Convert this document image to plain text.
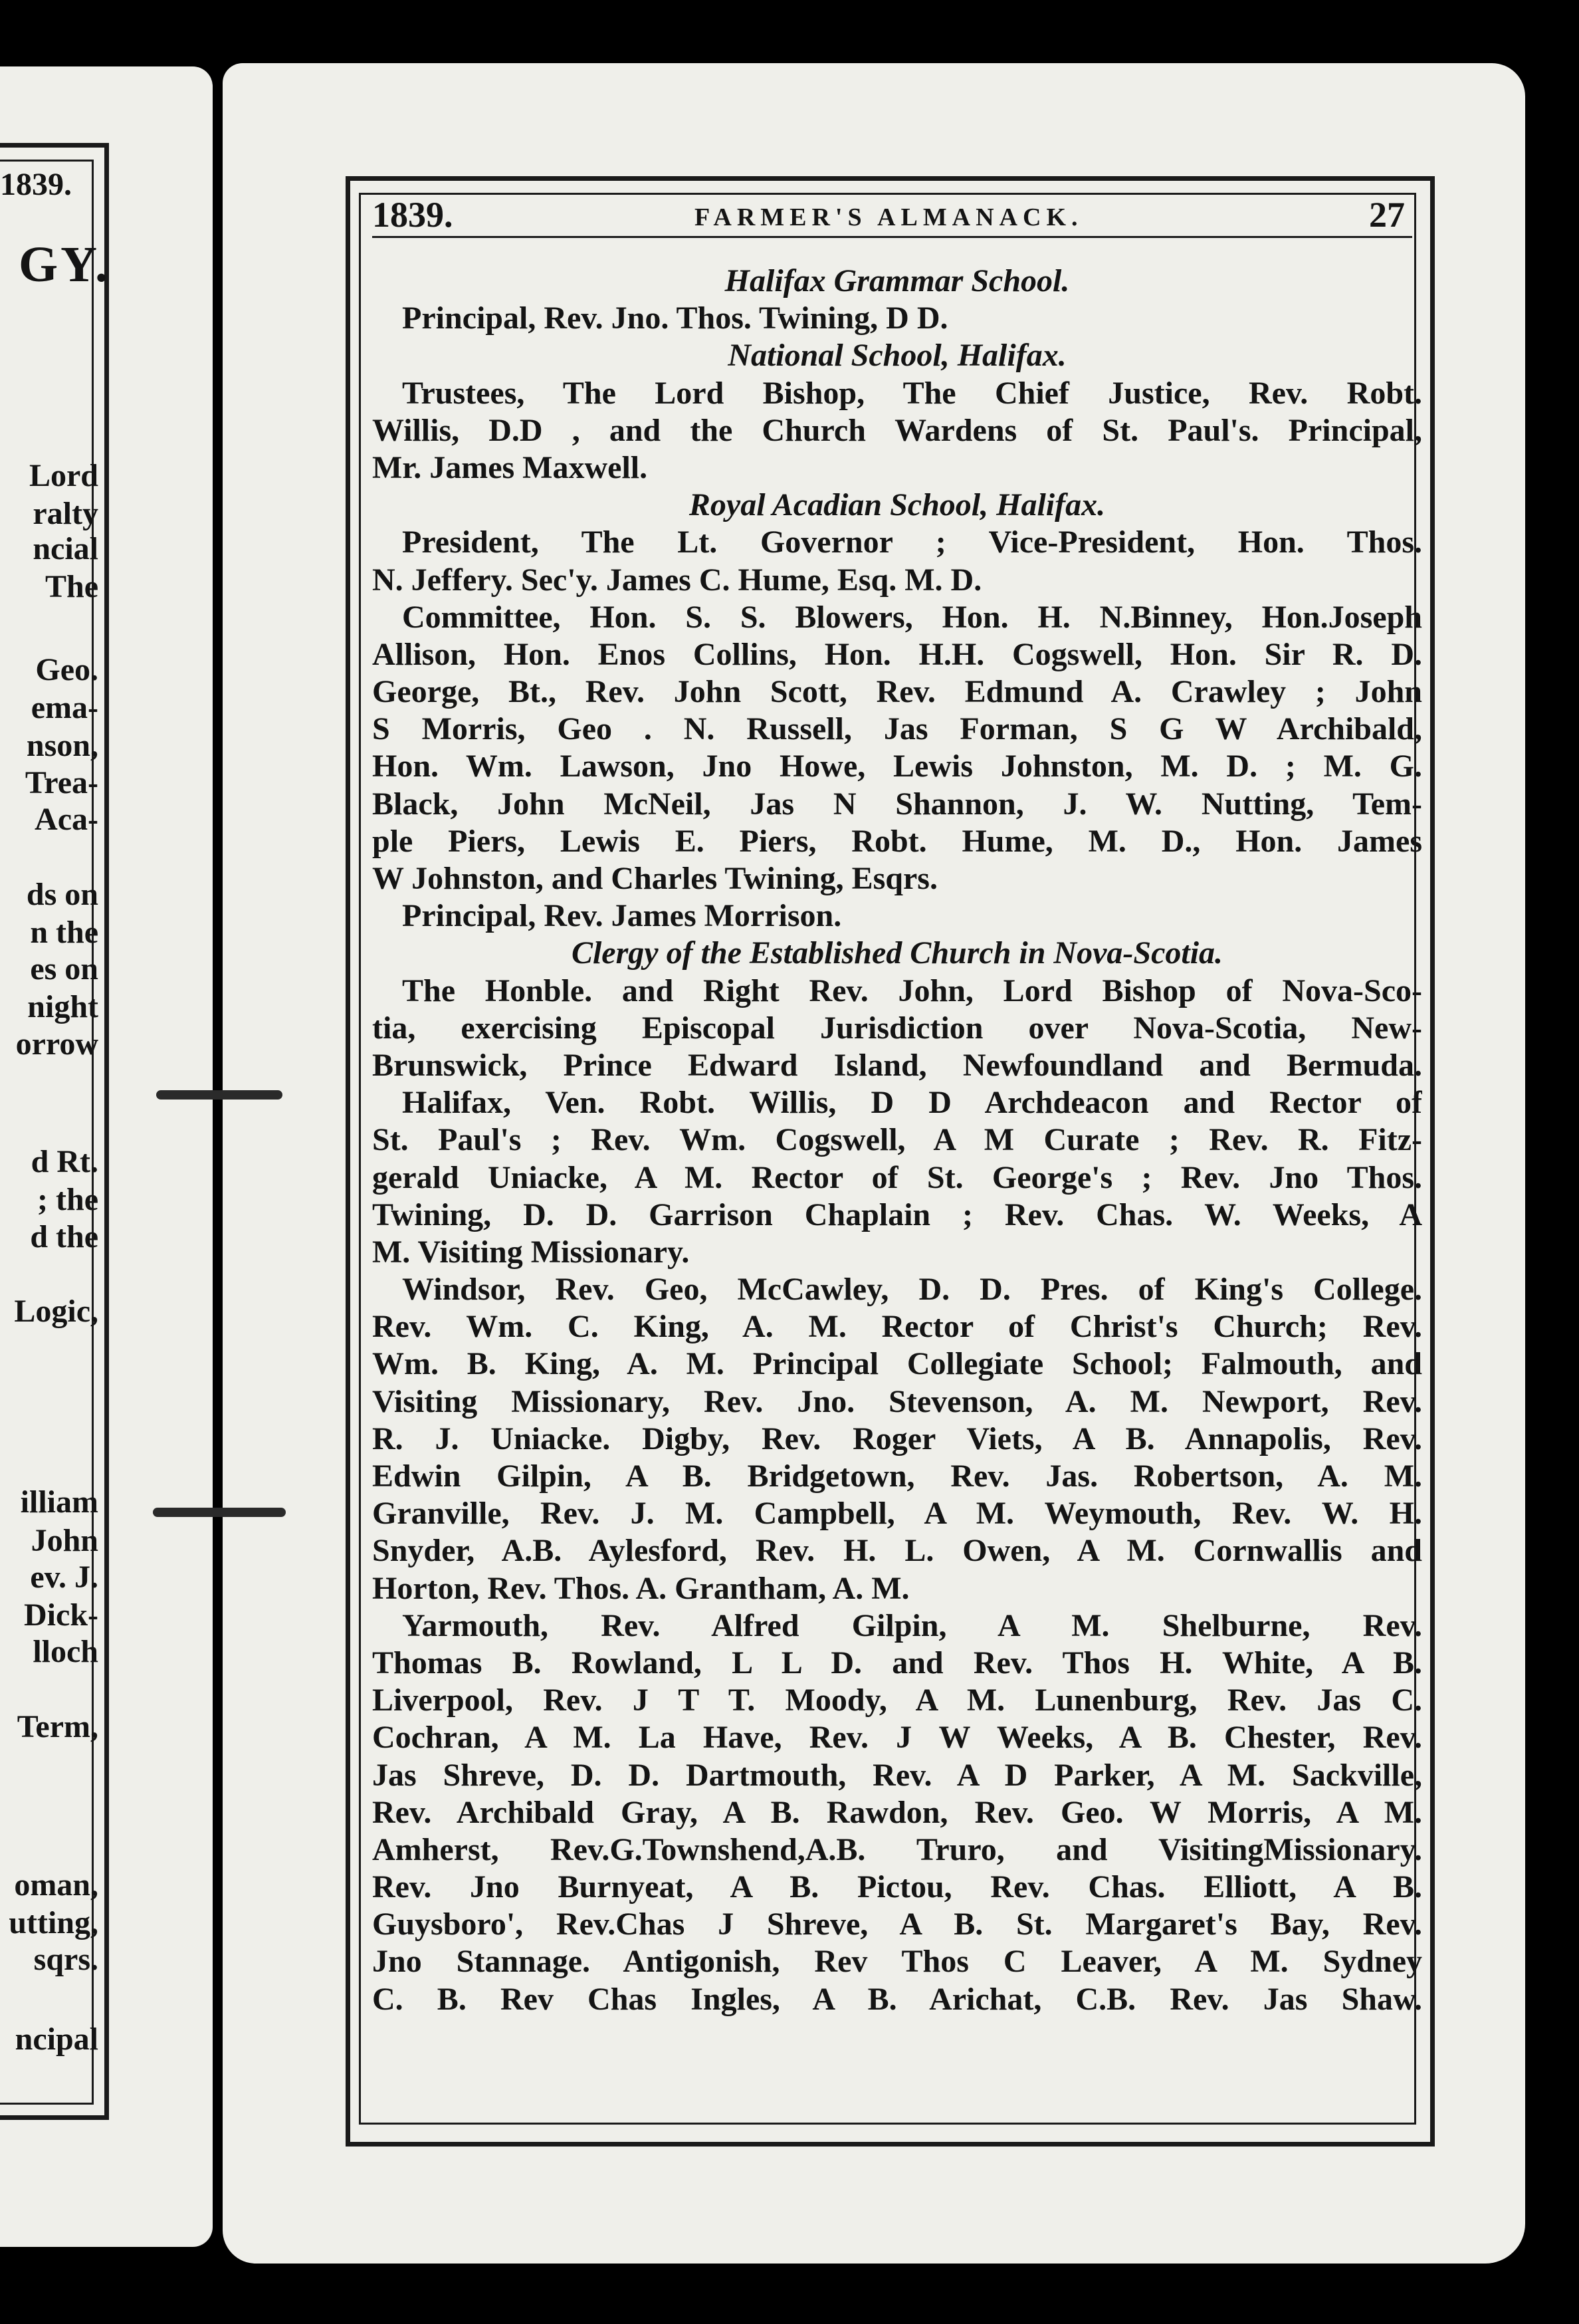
1839.
GY.
Lord
ralty
ncial
The
Geo.
ema-
nson,
Trea-
Aca-
ds on
n the
es on
night
orrow
d Rt.
; the
d the
Logic,
illiam
John
ev. J.
Dick-
lloch
Term,
oman,
utting,
sqrs.
ncipal
1839.	FARMER'S ALMANACK.	27
Halifax Grammar School.
Principal, Rev. Jno. Thos. Twining, D D.
National School, Halifax.
Trustees, The Lord Bishop, The Chief Justice, Rev. Robt.
Willis, D.D , and the Church Wardens of St. Paul's. Principal,
Mr. James Maxwell.
Royal Acadian School, Halifax.
President, The Lt. Governor ; Vice-President, Hon. Thos.
N. Jeffery. Sec'y. James C. Hume, Esq. M. D.
Committee, Hon. S. S. Blowers, Hon. H. N.Binney, Hon.Joseph
Allison, Hon. Enos Collins, Hon. H.H. Cogswell, Hon. Sir R. D.
George, Bt., Rev. John Scott, Rev. Edmund A. Crawley ; John
S Morris, Geo . N. Russell, Jas Forman, S G W Archibald,
Hon. Wm. Lawson, Jno Howe, Lewis Johnston, M. D. ; M. G.
Black, John McNeil, Jas N Shannon, J. W. Nutting, Tem-
ple Piers, Lewis E. Piers, Robt. Hume, M. D., Hon. James
W Johnston, and Charles Twining, Esqrs.
Principal, Rev. James Morrison.
Clergy of the Established Church in Nova-Scotia.
The Honble. and Right Rev. John, Lord Bishop of Nova-Sco-
tia, exercising Episcopal Jurisdiction over Nova-Scotia, New-
Brunswick, Prince Edward Island, Newfoundland and Bermuda.
Halifax, Ven. Robt. Willis, D D Archdeacon and Rector of
St. Paul's ; Rev. Wm. Cogswell, A M Curate ; Rev. R. Fitz-
gerald Uniacke, A M. Rector of St. George's ; Rev. Jno Thos.
Twining, D. D. Garrison Chaplain ; Rev. Chas. W. Weeks, A
M. Visiting Missionary.
Windsor, Rev. Geo, McCawley, D. D. Pres. of King's College.
Rev. Wm. C. King, A. M. Rector of Christ's Church; Rev.
Wm. B. King, A. M. Principal Collegiate School; Falmouth, and
Visiting Missionary, Rev. Jno. Stevenson, A. M. Newport, Rev.
R. J. Uniacke. Digby, Rev. Roger Viets, A B. Annapolis, Rev.
Edwin Gilpin, A B. Bridgetown, Rev. Jas. Robertson, A. M.
Granville, Rev. J. M. Campbell, A M. Weymouth, Rev. W. H.
Snyder, A.B. Aylesford, Rev. H. L. Owen, A M. Cornwallis and
Horton, Rev. Thos. A. Grantham, A. M.
Yarmouth, Rev. Alfred Gilpin, A M. Shelburne, Rev.
Thomas B. Rowland, L L D. and Rev. Thos H. White, A B.
Liverpool, Rev. J T T. Moody, A M. Lunenburg, Rev. Jas C.
Cochran, A M. La Have, Rev. J W Weeks, A B. Chester, Rev.
Jas Shreve, D. D. Dartmouth, Rev. A D Parker, A M. Sackville,
Rev. Archibald Gray, A B. Rawdon, Rev. Geo. W Morris, A M.
Amherst, Rev.G.Townshend,A.B. Truro, and VisitingMissionary.
Rev. Jno Burnyeat, A B. Pictou, Rev. Chas. Elliott, A B.
Guysboro', Rev.Chas J Shreve, A B. St. Margaret's Bay, Rev.
Jno Stannage. Antigonish, Rev Thos C Leaver, A M. Sydney
C. B. Rev Chas Ingles, A B. Arichat, C.B. Rev. Jas Shaw.
